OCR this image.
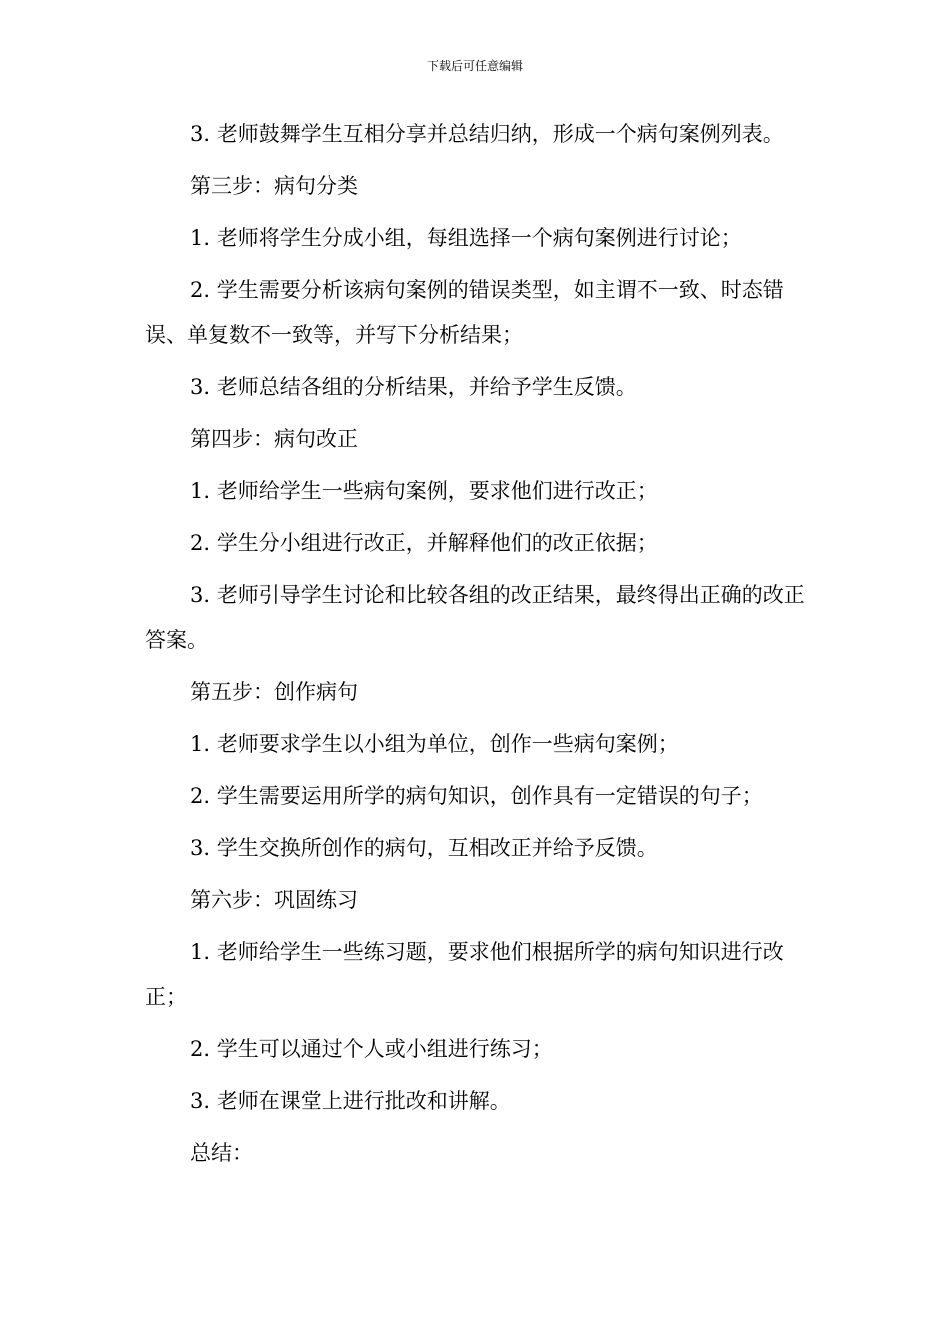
下载后可任意编辑

3. 老师鼓舞学生互相分享并总结归纳，形成一个病句案例列表。

第三步：病句分类

1. 老师将学生分成小组，每组选择一个病句案例进行讨论；

2. 学生需要分析该病句案例的错误类型，如主谓不一致、时态错误、单复数不一致等，并写下分析结果；

3. 老师总结各组的分析结果，并给予学生反馈。

第四步：病句改正

1. 老师给学生一些病句案例，要求他们进行改正；

2. 学生分小组进行改正，并解释他们的改正依据；

3. 老师引导学生讨论和比较各组的改正结果，最终得出正确的改正答案。

第五步：创作病句

1. 老师要求学生以小组为单位，创作一些病句案例；

2. 学生需要运用所学的病句知识，创作具有一定错误的句子；

3. 学生交换所创作的病句，互相改正并给予反馈。

第六步：巩固练习

1. 老师给学生一些练习题，要求他们根据所学的病句知识进行改正；

2. 学生可以通过个人或小组进行练习；

3. 老师在课堂上进行批改和讲解。

总结：
